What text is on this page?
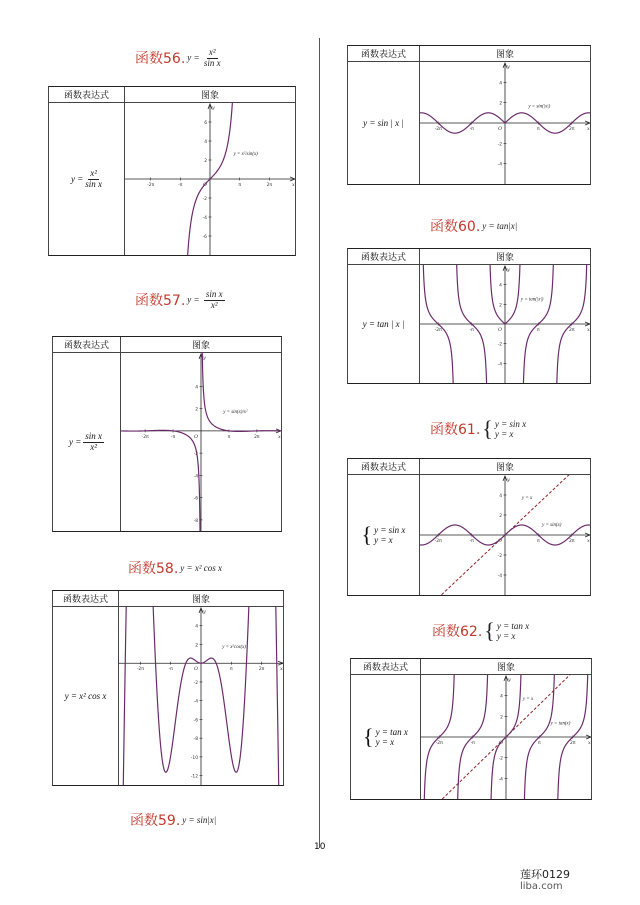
函数56. $y = \frac{\text{x²}}{\text{sin x}}$
函数表达式	图象
y =
x²
sin x
6
4
2
-2
-4
-6
-2π	-π	π	2π
O	x
y
y = x²/sin(x)
函数57. $y = \frac{\text{sin x}}{\text{x²}}$
函数表达式	图象
y =
sin x
x²
4
2
-2
-4
-6
-8
-2π	-π	π	2π
O	x
y
y = sin(x)/x²
函数58. y = x² cos x
函数表达式	图象
y = x² cos x
4
2
-2
-4
-6
-8
-10
-12
-2π	-π	π	2π
O	x
y
y = x²cos(x)
函数59. y = sin|x|
函数表达式	图象
y = sin | x |
4
2
-2
-4
-2π	-π	π	2π
O	x
y
y = sin(|x|)
函数60. y = tan|x|
函数表达式	图象
y = tan | x |
4
2
-2
-4
-2π	-π	π	2π
O	x
y
y = tan(|x|)
函数61. { y = sin x
y = x
函数表达式	图象
{ y = sin x
y = x
4
2
-2
-4
-2π	-π	π	2π
O	x
y
y = x
y = sin(x)
函数62. { y = tan x
y = x
函数表达式	图象
{ y = tan x
y = x
4
2
-2
-4
-2π	-π	π	2π
O	x
y
y = x
y = tan(x)
10
莲环0129
liba.com
